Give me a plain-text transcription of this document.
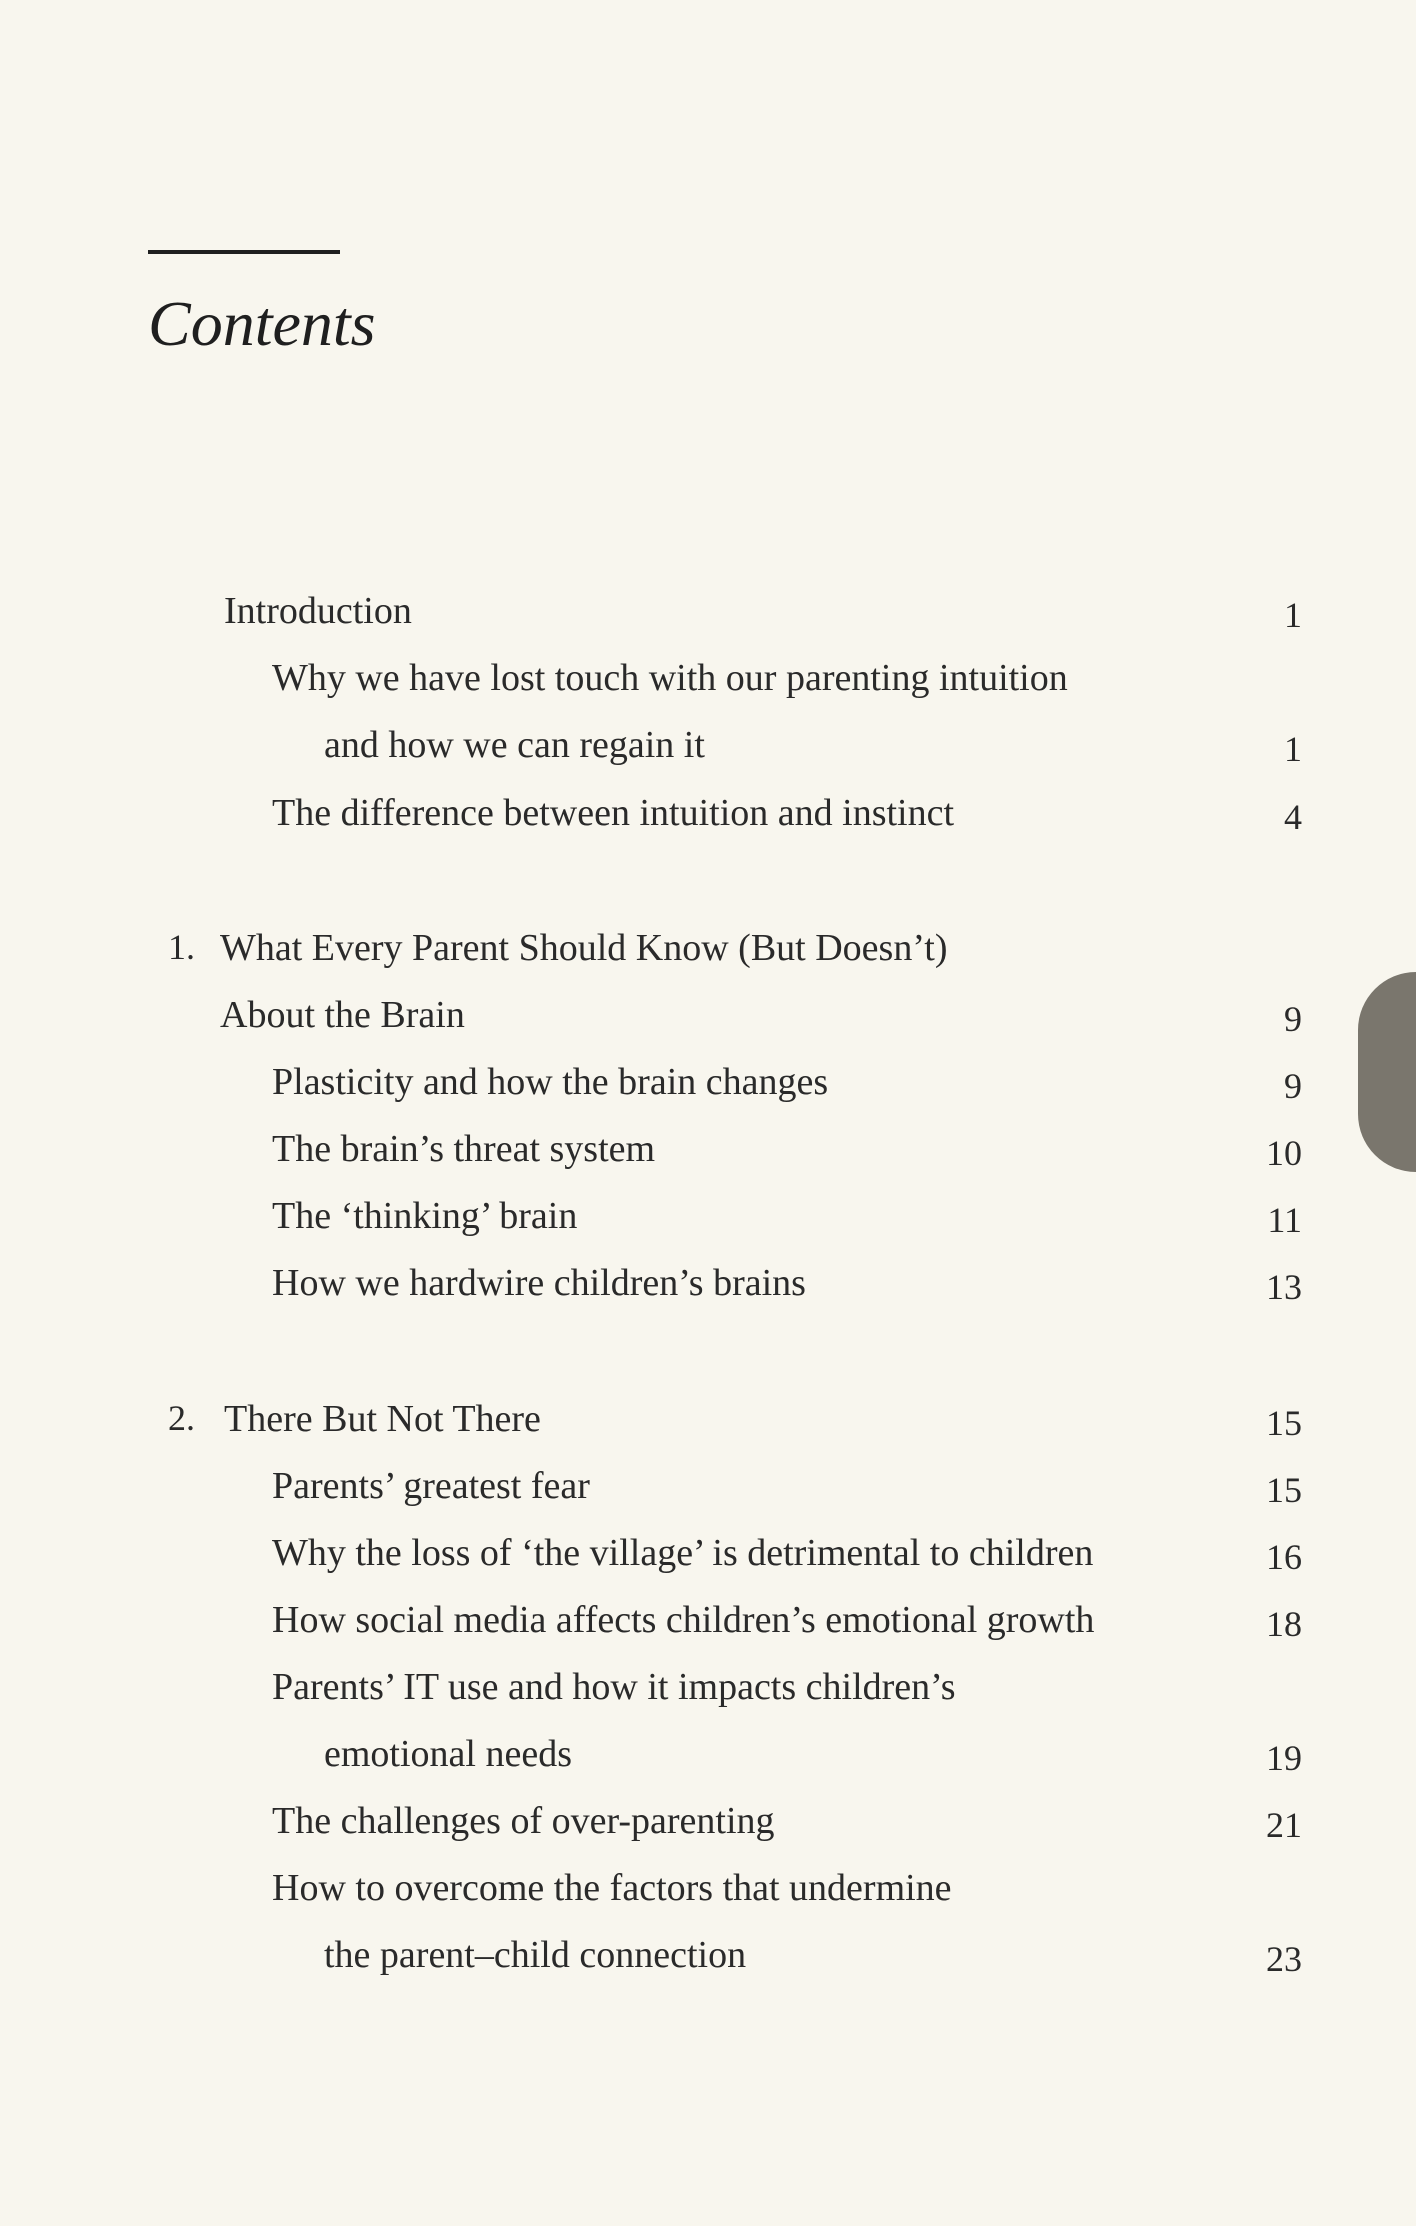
Contents
Introduction	1
Why we have lost touch with our parenting intuition
and how we can regain it	1
The difference between intuition and instinct	4
1. What Every Parent Should Know (But Doesn’t)
About the Brain	9
Plasticity and how the brain changes	9
The brain’s threat system	10
The ‘thinking’ brain	11
How we hardwire children’s brains	13
2. There But Not There	15
Parents’ greatest fear	15
Why the loss of ‘the village’ is detrimental to children	16
How social media affects children’s emotional growth	18
Parents’ IT use and how it impacts children’s
emotional needs	19
The challenges of over-parenting	21
How to overcome the factors that undermine
the parent–child connection	23
